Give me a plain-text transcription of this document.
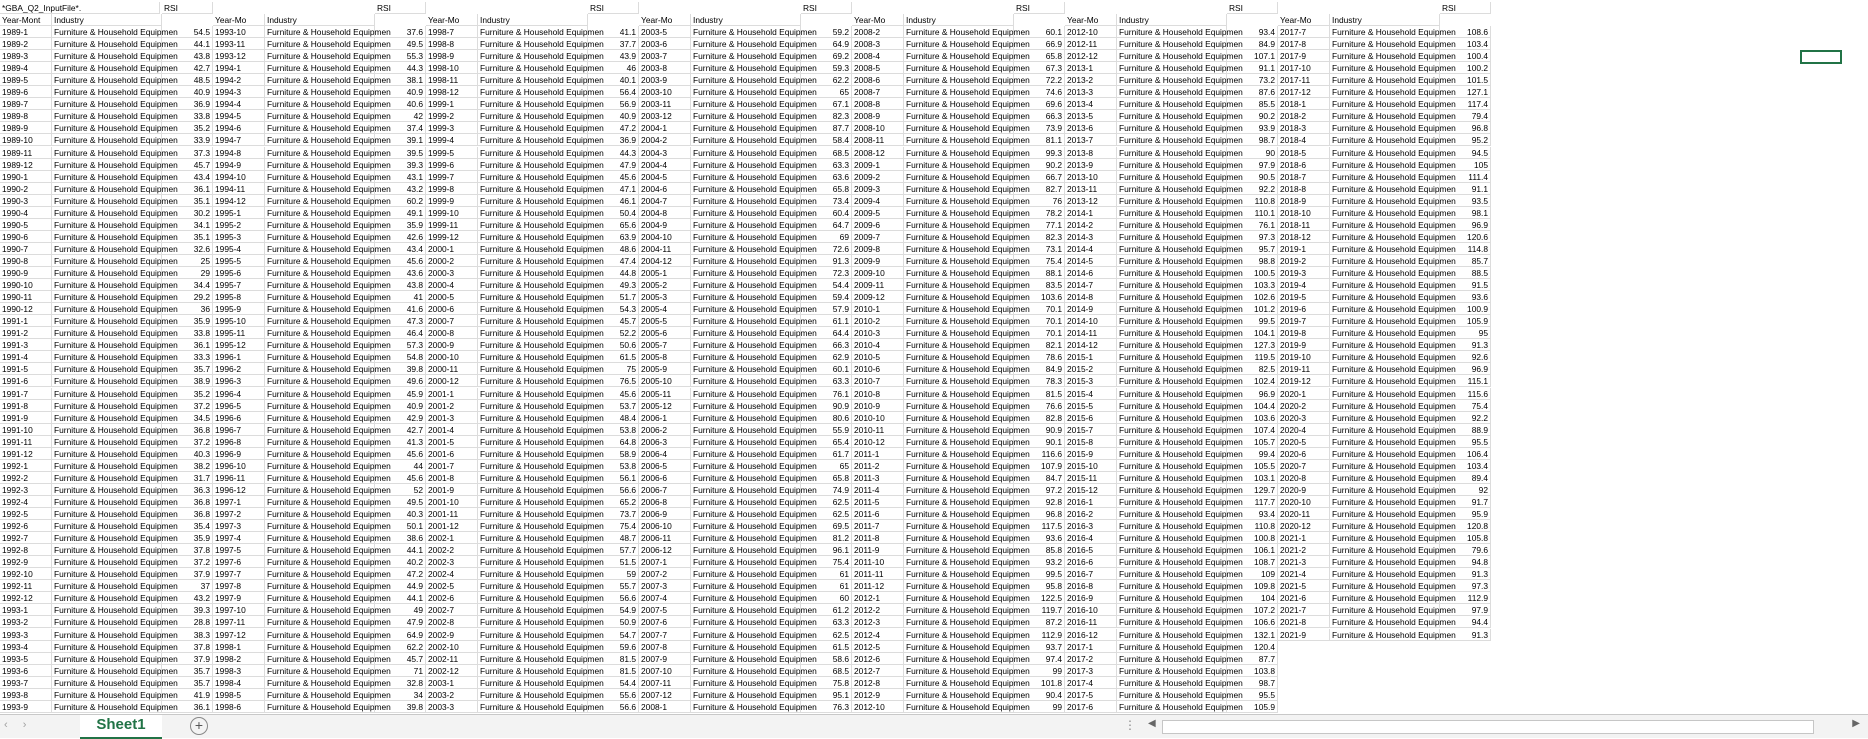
*GBA_Q2_InputFile*.	RSI
Year-Mont	Industry
1989-1	Furniture & Household Equipmen	54.5
1989-2	Furniture & Household Equipmen	44.1
1989-3	Furniture & Household Equipmen	43.8
1989-4	Furniture & Household Equipmen	42.7
1989-5	Furniture & Household Equipmen	48.5
1989-6	Furniture & Household Equipmen	40.9
1989-7	Furniture & Household Equipmen	36.9
1989-8	Furniture & Household Equipmen	33.8
1989-9	Furniture & Household Equipmen	35.2
1989-10	Furniture & Household Equipmen	33.9
1989-11	Furniture & Household Equipmen	37.3
1989-12	Furniture & Household Equipmen	45.7
1990-1	Furniture & Household Equipmen	43.4
1990-2	Furniture & Household Equipmen	36.1
1990-3	Furniture & Household Equipmen	35.1
1990-4	Furniture & Household Equipmen	30.2
1990-5	Furniture & Household Equipmen	34.1
1990-6	Furniture & Household Equipmen	35.1
1990-7	Furniture & Household Equipmen	32.6
1990-8	Furniture & Household Equipmen	25
1990-9	Furniture & Household Equipmen	29
1990-10	Furniture & Household Equipmen	34.4
1990-11	Furniture & Household Equipmen	29.2
1990-12	Furniture & Household Equipmen	36
1991-1	Furniture & Household Equipmen	35.9
1991-2	Furniture & Household Equipmen	33.8
1991-3	Furniture & Household Equipmen	36.1
1991-4	Furniture & Household Equipmen	33.3
1991-5	Furniture & Household Equipmen	35.7
1991-6	Furniture & Household Equipmen	38.9
1991-7	Furniture & Household Equipmen	35.2
1991-8	Furniture & Household Equipmen	37.2
1991-9	Furniture & Household Equipmen	34.5
1991-10	Furniture & Household Equipmen	36.8
1991-11	Furniture & Household Equipmen	37.2
1991-12	Furniture & Household Equipmen	40.3
1992-1	Furniture & Household Equipmen	38.2
1992-2	Furniture & Household Equipmen	31.7
1992-3	Furniture & Household Equipmen	36.3
1992-4	Furniture & Household Equipmen	36.8
1992-5	Furniture & Household Equipmen	36.8
1992-6	Furniture & Household Equipmen	35.4
1992-7	Furniture & Household Equipmen	35.9
1992-8	Furniture & Household Equipmen	37.8
1992-9	Furniture & Household Equipmen	37.2
1992-10	Furniture & Household Equipmen	37.9
1992-11	Furniture & Household Equipmen	37
1992-12	Furniture & Household Equipmen	43.2
1993-1	Furniture & Household Equipmen	39.3
1993-2	Furniture & Household Equipmen	28.8
1993-3	Furniture & Household Equipmen	38.3
1993-4	Furniture & Household Equipmen	37.8
1993-5	Furniture & Household Equipmen	37.9
1993-6	Furniture & Household Equipmen	35.7
1993-7	Furniture & Household Equipmen	35.7
1993-8	Furniture & Household Equipmen	41.9
1993-9	Furniture & Household Equipmen	36.1
RSI
Year-Mo	Industry
1993-10	Furniture & Household Equipmen	37.6
1993-11	Furniture & Household Equipmen	49.5
1993-12	Furniture & Household Equipmen	55.3
1994-1	Furniture & Household Equipmen	44.3
1994-2	Furniture & Household Equipmen	38.1
1994-3	Furniture & Household Equipmen	40.9
1994-4	Furniture & Household Equipmen	40.6
1994-5	Furniture & Household Equipmen	42
1994-6	Furniture & Household Equipmen	37.4
1994-7	Furniture & Household Equipmen	39.1
1994-8	Furniture & Household Equipmen	39.5
1994-9	Furniture & Household Equipmen	39.3
1994-10	Furniture & Household Equipmen	43.1
1994-11	Furniture & Household Equipmen	43.2
1994-12	Furniture & Household Equipmen	60.2
1995-1	Furniture & Household Equipmen	49.1
1995-2	Furniture & Household Equipmen	35.9
1995-3	Furniture & Household Equipmen	42.6
1995-4	Furniture & Household Equipmen	43.4
1995-5	Furniture & Household Equipmen	45.6
1995-6	Furniture & Household Equipmen	43.6
1995-7	Furniture & Household Equipmen	43.8
1995-8	Furniture & Household Equipmen	41
1995-9	Furniture & Household Equipmen	41.6
1995-10	Furniture & Household Equipmen	47.3
1995-11	Furniture & Household Equipmen	46.4
1995-12	Furniture & Household Equipmen	57.3
1996-1	Furniture & Household Equipmen	54.8
1996-2	Furniture & Household Equipmen	39.8
1996-3	Furniture & Household Equipmen	49.6
1996-4	Furniture & Household Equipmen	45.9
1996-5	Furniture & Household Equipmen	40.9
1996-6	Furniture & Household Equipmen	42.9
1996-7	Furniture & Household Equipmen	42.7
1996-8	Furniture & Household Equipmen	41.3
1996-9	Furniture & Household Equipmen	45.6
1996-10	Furniture & Household Equipmen	44
1996-11	Furniture & Household Equipmen	45.6
1996-12	Furniture & Household Equipmen	52
1997-1	Furniture & Household Equipmen	49.5
1997-2	Furniture & Household Equipmen	40.3
1997-3	Furniture & Household Equipmen	50.1
1997-4	Furniture & Household Equipmen	38.6
1997-5	Furniture & Household Equipmen	44.1
1997-6	Furniture & Household Equipmen	40.2
1997-7	Furniture & Household Equipmen	47.2
1997-8	Furniture & Household Equipmen	44.9
1997-9	Furniture & Household Equipmen	44.1
1997-10	Furniture & Household Equipmen	49
1997-11	Furniture & Household Equipmen	47.9
1997-12	Furniture & Household Equipmen	64.9
1998-1	Furniture & Household Equipmen	62.2
1998-2	Furniture & Household Equipmen	45.7
1998-3	Furniture & Household Equipmen	71
1998-4	Furniture & Household Equipmen	32.8
1998-5	Furniture & Household Equipmen	34
1998-6	Furniture & Household Equipmen	39.8
RSI
Year-Mo	Industry
1998-7	Furniture & Household Equipmen	41.1
1998-8	Furniture & Household Equipmen	37.7
1998-9	Furniture & Household Equipmen	43.9
1998-10	Furniture & Household Equipmen	46
1998-11	Furniture & Household Equipmen	40.1
1998-12	Furniture & Household Equipmen	56.4
1999-1	Furniture & Household Equipmen	56.9
1999-2	Furniture & Household Equipmen	40.9
1999-3	Furniture & Household Equipmen	47.2
1999-4	Furniture & Household Equipmen	36.9
1999-5	Furniture & Household Equipmen	44.3
1999-6	Furniture & Household Equipmen	47.9
1999-7	Furniture & Household Equipmen	45.6
1999-8	Furniture & Household Equipmen	47.1
1999-9	Furniture & Household Equipmen	46.1
1999-10	Furniture & Household Equipmen	50.4
1999-11	Furniture & Household Equipmen	65.6
1999-12	Furniture & Household Equipmen	63.9
2000-1	Furniture & Household Equipmen	48.6
2000-2	Furniture & Household Equipmen	47.4
2000-3	Furniture & Household Equipmen	44.8
2000-4	Furniture & Household Equipmen	49.3
2000-5	Furniture & Household Equipmen	51.7
2000-6	Furniture & Household Equipmen	54.3
2000-7	Furniture & Household Equipmen	45.7
2000-8	Furniture & Household Equipmen	52.2
2000-9	Furniture & Household Equipmen	50.6
2000-10	Furniture & Household Equipmen	61.5
2000-11	Furniture & Household Equipmen	75
2000-12	Furniture & Household Equipmen	76.5
2001-1	Furniture & Household Equipmen	45.6
2001-2	Furniture & Household Equipmen	53.7
2001-3	Furniture & Household Equipmen	48.4
2001-4	Furniture & Household Equipmen	53.8
2001-5	Furniture & Household Equipmen	64.8
2001-6	Furniture & Household Equipmen	58.9
2001-7	Furniture & Household Equipmen	53.8
2001-8	Furniture & Household Equipmen	56.1
2001-9	Furniture & Household Equipmen	56.6
2001-10	Furniture & Household Equipmen	65.2
2001-11	Furniture & Household Equipmen	73.7
2001-12	Furniture & Household Equipmen	75.4
2002-1	Furniture & Household Equipmen	48.7
2002-2	Furniture & Household Equipmen	57.7
2002-3	Furniture & Household Equipmen	51.5
2002-4	Furniture & Household Equipmen	59
2002-5	Furniture & Household Equipmen	55.7
2002-6	Furniture & Household Equipmen	56.6
2002-7	Furniture & Household Equipmen	54.9
2002-8	Furniture & Household Equipmen	50.9
2002-9	Furniture & Household Equipmen	54.7
2002-10	Furniture & Household Equipmen	59.6
2002-11	Furniture & Household Equipmen	81.5
2002-12	Furniture & Household Equipmen	81.5
2003-1	Furniture & Household Equipmen	54.4
2003-2	Furniture & Household Equipmen	55.6
2003-3	Furniture & Household Equipmen	56.6
RSI
Year-Mo	Industry
2003-5	Furniture & Household Equipmen	59.2
2003-6	Furniture & Household Equipmen	64.9
2003-7	Furniture & Household Equipmen	69.2
2003-8	Furniture & Household Equipmen	59.3
2003-9	Furniture & Household Equipmen	62.2
2003-10	Furniture & Household Equipmen	65
2003-11	Furniture & Household Equipmen	67.1
2003-12	Furniture & Household Equipmen	82.3
2004-1	Furniture & Household Equipmen	87.7
2004-2	Furniture & Household Equipmen	58.4
2004-3	Furniture & Household Equipmen	68.5
2004-4	Furniture & Household Equipmen	63.3
2004-5	Furniture & Household Equipmen	63.6
2004-6	Furniture & Household Equipmen	65.8
2004-7	Furniture & Household Equipmen	73.4
2004-8	Furniture & Household Equipmen	60.4
2004-9	Furniture & Household Equipmen	64.7
2004-10	Furniture & Household Equipmen	69
2004-11	Furniture & Household Equipmen	72.6
2004-12	Furniture & Household Equipmen	91.3
2005-1	Furniture & Household Equipmen	72.3
2005-2	Furniture & Household Equipmen	54.4
2005-3	Furniture & Household Equipmen	59.4
2005-4	Furniture & Household Equipmen	57.9
2005-5	Furniture & Household Equipmen	61.1
2005-6	Furniture & Household Equipmen	64.4
2005-7	Furniture & Household Equipmen	66.3
2005-8	Furniture & Household Equipmen	62.9
2005-9	Furniture & Household Equipmen	60.1
2005-10	Furniture & Household Equipmen	63.3
2005-11	Furniture & Household Equipmen	76.1
2005-12	Furniture & Household Equipmen	90.9
2006-1	Furniture & Household Equipmen	80.6
2006-2	Furniture & Household Equipmen	55.9
2006-3	Furniture & Household Equipmen	65.4
2006-4	Furniture & Household Equipmen	61.7
2006-5	Furniture & Household Equipmen	65
2006-6	Furniture & Household Equipmen	65.8
2006-7	Furniture & Household Equipmen	74.9
2006-8	Furniture & Household Equipmen	62.5
2006-9	Furniture & Household Equipmen	62.5
2006-10	Furniture & Household Equipmen	69.5
2006-11	Furniture & Household Equipmen	81.2
2006-12	Furniture & Household Equipmen	96.1
2007-1	Furniture & Household Equipmen	75.4
2007-2	Furniture & Household Equipmen	61
2007-3	Furniture & Household Equipmen	61
2007-4	Furniture & Household Equipmen	60
2007-5	Furniture & Household Equipmen	61.2
2007-6	Furniture & Household Equipmen	63.3
2007-7	Furniture & Household Equipmen	62.5
2007-8	Furniture & Household Equipmen	61.5
2007-9	Furniture & Household Equipmen	58.6
2007-10	Furniture & Household Equipmen	68.5
2007-11	Furniture & Household Equipmen	75.8
2007-12	Furniture & Household Equipmen	95.1
2008-1	Furniture & Household Equipmen	76.3
RSI
Year-Mo	Industry
2008-2	Furniture & Household Equipmen	60.1
2008-3	Furniture & Household Equipmen	66.9
2008-4	Furniture & Household Equipmen	65.8
2008-5	Furniture & Household Equipmen	67.3
2008-6	Furniture & Household Equipmen	72.2
2008-7	Furniture & Household Equipmen	74.6
2008-8	Furniture & Household Equipmen	69.6
2008-9	Furniture & Household Equipmen	66.3
2008-10	Furniture & Household Equipmen	73.9
2008-11	Furniture & Household Equipmen	81.1
2008-12	Furniture & Household Equipmen	99.3
2009-1	Furniture & Household Equipmen	90.2
2009-2	Furniture & Household Equipmen	66.7
2009-3	Furniture & Household Equipmen	82.7
2009-4	Furniture & Household Equipmen	76
2009-5	Furniture & Household Equipmen	78.2
2009-6	Furniture & Household Equipmen	77.1
2009-7	Furniture & Household Equipmen	82.3
2009-8	Furniture & Household Equipmen	73.1
2009-9	Furniture & Household Equipmen	75.4
2009-10	Furniture & Household Equipmen	88.1
2009-11	Furniture & Household Equipmen	83.5
2009-12	Furniture & Household Equipmen	103.6
2010-1	Furniture & Household Equipmen	70.1
2010-2	Furniture & Household Equipmen	70.1
2010-3	Furniture & Household Equipmen	70.1
2010-4	Furniture & Household Equipmen	82.1
2010-5	Furniture & Household Equipmen	78.6
2010-6	Furniture & Household Equipmen	84.9
2010-7	Furniture & Household Equipmen	78.3
2010-8	Furniture & Household Equipmen	81.5
2010-9	Furniture & Household Equipmen	76.6
2010-10	Furniture & Household Equipmen	82.8
2010-11	Furniture & Household Equipmen	90.9
2010-12	Furniture & Household Equipmen	90.1
2011-1	Furniture & Household Equipmen	116.6
2011-2	Furniture & Household Equipmen	107.9
2011-3	Furniture & Household Equipmen	84.7
2011-4	Furniture & Household Equipmen	97.2
2011-5	Furniture & Household Equipmen	92.8
2011-6	Furniture & Household Equipmen	96.8
2011-7	Furniture & Household Equipmen	117.5
2011-8	Furniture & Household Equipmen	93.6
2011-9	Furniture & Household Equipmen	85.8
2011-10	Furniture & Household Equipmen	93.2
2011-11	Furniture & Household Equipmen	99.5
2011-12	Furniture & Household Equipmen	95.8
2012-1	Furniture & Household Equipmen	122.5
2012-2	Furniture & Household Equipmen	119.7
2012-3	Furniture & Household Equipmen	87.2
2012-4	Furniture & Household Equipmen	112.9
2012-5	Furniture & Household Equipmen	93.7
2012-6	Furniture & Household Equipmen	97.4
2012-7	Furniture & Household Equipmen	99
2012-8	Furniture & Household Equipmen	101.8
2012-9	Furniture & Household Equipmen	90.4
2012-10	Furniture & Household Equipmen	99
RSI
Year-Mo	Industry
2012-10	Furniture & Household Equipmen	93.4
2012-11	Furniture & Household Equipmen	84.9
2012-12	Furniture & Household Equipmen	107.1
2013-1	Furniture & Household Equipmen	91.1
2013-2	Furniture & Household Equipmen	73.2
2013-3	Furniture & Household Equipmen	87.6
2013-4	Furniture & Household Equipmen	85.5
2013-5	Furniture & Household Equipmen	90.2
2013-6	Furniture & Household Equipmen	93.9
2013-7	Furniture & Household Equipmen	98.7
2013-8	Furniture & Household Equipmen	90
2013-9	Furniture & Household Equipmen	97.9
2013-10	Furniture & Household Equipmen	90.5
2013-11	Furniture & Household Equipmen	92.2
2013-12	Furniture & Household Equipmen	110.8
2014-1	Furniture & Household Equipmen	110.1
2014-2	Furniture & Household Equipmen	76.1
2014-3	Furniture & Household Equipmen	97.3
2014-4	Furniture & Household Equipmen	95.7
2014-5	Furniture & Household Equipmen	98.8
2014-6	Furniture & Household Equipmen	100.5
2014-7	Furniture & Household Equipmen	103.3
2014-8	Furniture & Household Equipmen	102.6
2014-9	Furniture & Household Equipmen	101.2
2014-10	Furniture & Household Equipmen	99.5
2014-11	Furniture & Household Equipmen	104.1
2014-12	Furniture & Household Equipmen	127.3
2015-1	Furniture & Household Equipmen	119.5
2015-2	Furniture & Household Equipmen	82.5
2015-3	Furniture & Household Equipmen	102.4
2015-4	Furniture & Household Equipmen	96.9
2015-5	Furniture & Household Equipmen	104.4
2015-6	Furniture & Household Equipmen	103.6
2015-7	Furniture & Household Equipmen	107.4
2015-8	Furniture & Household Equipmen	105.7
2015-9	Furniture & Household Equipmen	99.4
2015-10	Furniture & Household Equipmen	105.5
2015-11	Furniture & Household Equipmen	103.1
2015-12	Furniture & Household Equipmen	129.7
2016-1	Furniture & Household Equipmen	117.7
2016-2	Furniture & Household Equipmen	93.4
2016-3	Furniture & Household Equipmen	110.8
2016-4	Furniture & Household Equipmen	100.8
2016-5	Furniture & Household Equipmen	106.1
2016-6	Furniture & Household Equipmen	108.7
2016-7	Furniture & Household Equipmen	109
2016-8	Furniture & Household Equipmen	109.8
2016-9	Furniture & Household Equipmen	104
2016-10	Furniture & Household Equipmen	107.2
2016-11	Furniture & Household Equipmen	106.6
2016-12	Furniture & Household Equipmen	132.1
2017-1	Furniture & Household Equipmen	120.4
2017-2	Furniture & Household Equipmen	87.7
2017-3	Furniture & Household Equipmen	103.8
2017-4	Furniture & Household Equipmen	98.7
2017-5	Furniture & Household Equipmen	95.5
2017-6	Furniture & Household Equipmen	105.9
RSI
Year-Mo	Industry
2017-7	Furniture & Household Equipmen	108.6
2017-8	Furniture & Household Equipmen	103.4
2017-9	Furniture & Household Equipmen	100.4
2017-10	Furniture & Household Equipmen	100.2
2017-11	Furniture & Household Equipmen	101.5
2017-12	Furniture & Household Equipmen	127.1
2018-1	Furniture & Household Equipmen	117.4
2018-2	Furniture & Household Equipmen	79.4
2018-3	Furniture & Household Equipmen	96.8
2018-4	Furniture & Household Equipmen	95.2
2018-5	Furniture & Household Equipmen	94.5
2018-6	Furniture & Household Equipmen	105
2018-7	Furniture & Household Equipmen	111.4
2018-8	Furniture & Household Equipmen	91.1
2018-9	Furniture & Household Equipmen	93.5
2018-10	Furniture & Household Equipmen	98.1
2018-11	Furniture & Household Equipmen	96.9
2018-12	Furniture & Household Equipmen	120.6
2019-1	Furniture & Household Equipmen	114.8
2019-2	Furniture & Household Equipmen	85.7
2019-3	Furniture & Household Equipmen	88.5
2019-4	Furniture & Household Equipmen	91.5
2019-5	Furniture & Household Equipmen	93.6
2019-6	Furniture & Household Equipmen	100.9
2019-7	Furniture & Household Equipmen	105.9
2019-8	Furniture & Household Equipmen	95
2019-9	Furniture & Household Equipmen	91.3
2019-10	Furniture & Household Equipmen	92.6
2019-11	Furniture & Household Equipmen	96.9
2019-12	Furniture & Household Equipmen	115.1
2020-1	Furniture & Household Equipmen	115.6
2020-2	Furniture & Household Equipmen	75.4
2020-3	Furniture & Household Equipmen	92.2
2020-4	Furniture & Household Equipmen	88.9
2020-5	Furniture & Household Equipmen	95.5
2020-6	Furniture & Household Equipmen	106.4
2020-7	Furniture & Household Equipmen	103.4
2020-8	Furniture & Household Equipmen	89.4
2020-9	Furniture & Household Equipmen	92
2020-10	Furniture & Household Equipmen	91.7
2020-11	Furniture & Household Equipmen	95.9
2020-12	Furniture & Household Equipmen	120.8
2021-1	Furniture & Household Equipmen	105.8
2021-2	Furniture & Household Equipmen	79.6
2021-3	Furniture & Household Equipmen	94.8
2021-4	Furniture & Household Equipmen	91.3
2021-5	Furniture & Household Equipmen	97.3
2021-6	Furniture & Household Equipmen	112.9
2021-7	Furniture & Household Equipmen	97.9
2021-8	Furniture & Household Equipmen	94.4
2021-9	Furniture & Household Equipmen	91.3
‹ ›	Sheet1	+	⋮ ◀	▶
